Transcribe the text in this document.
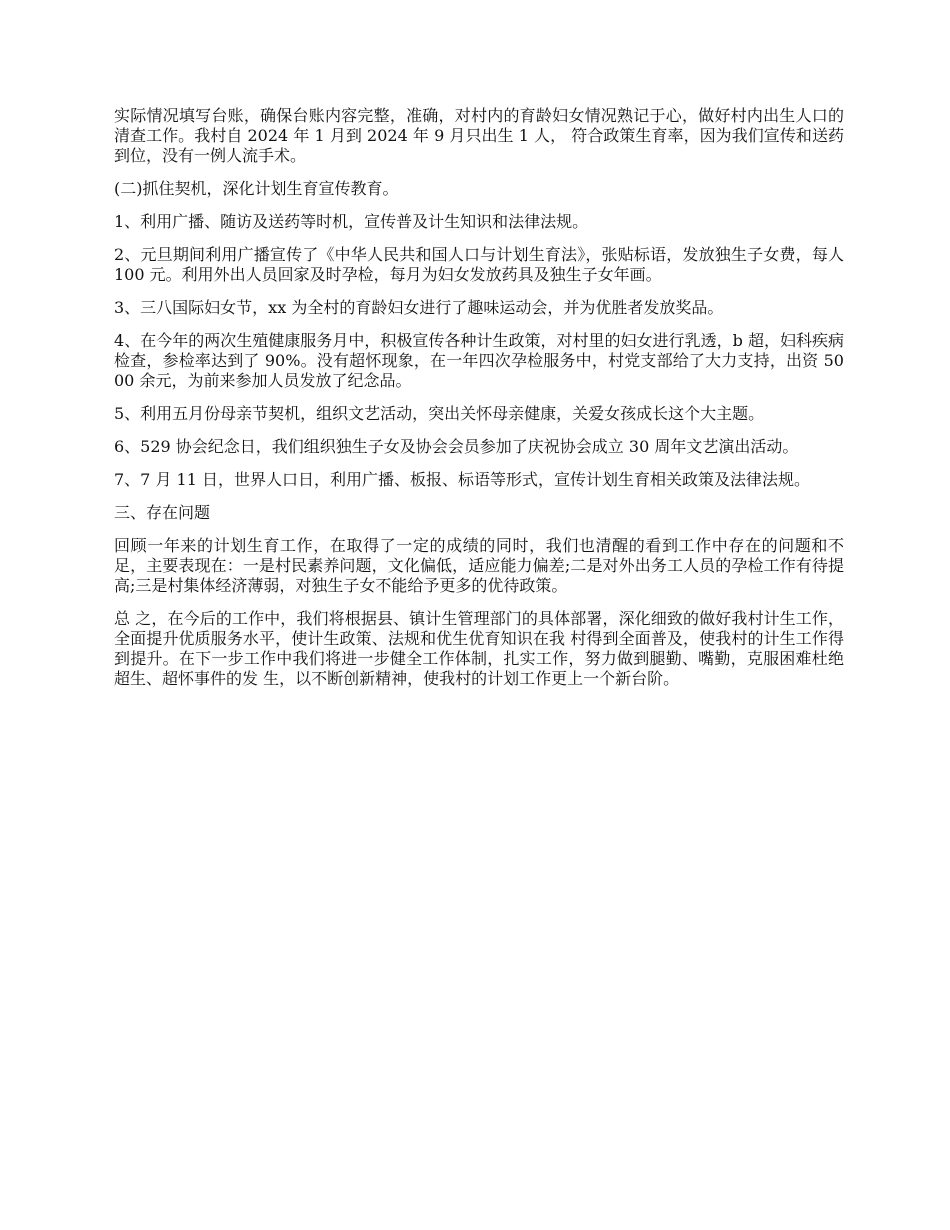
实际情况填写台账，确保台账内容完整，准确，对村内的育龄妇女情况熟记于心，做好村内出生人口的清查工作。我村自 2024 年 1 月到 2024 年 9 月只出生 1 人， 符合政策生育率，因为我们宣传和送药到位，没有一例人流手术。

(二)抓住契机，深化计划生育宣传教育。

1、利用广播、随访及送药等时机，宣传普及计生知识和法律法规。

2、元旦期间利用广播宣传了《中华人民共和国人口与计划生育法》，张贴标语，发放独生子女费，每人 100 元。利用外出人员回家及时孕检，每月为妇女发放药具及独生子女年画。

3、三八国际妇女节，xx 为全村的育龄妇女进行了趣味运动会，并为优胜者发放奖品。

4、在今年的两次生殖健康服务月中，积极宣传各种计生政策，对村里的妇女进行乳透，b 超，妇科疾病检查，参检率达到了 90%。没有超怀现象，在一年四次孕检服务中，村党支部给了大力支持，出资 5000 余元，为前来参加人员发放了纪念品。

5、利用五月份母亲节契机，组织文艺活动，突出关怀母亲健康，关爱女孩成长这个大主题。

6、529 协会纪念日，我们组织独生子女及协会会员参加了庆祝协会成立 30 周年文艺演出活动。

7、7 月 11 日，世界人口日，利用广播、板报、标语等形式，宣传计划生育相关政策及法律法规。

三、存在问题

回顾一年来的计划生育工作，在取得了一定的成绩的同时，我们也清醒的看到工作中存在的问题和不足，主要表现在：一是村民素养问题，文化偏低，适应能力偏差;二是对外出务工人员的孕检工作有待提高;三是村集体经济薄弱，对独生子女不能给予更多的优待政策。

总 之，在今后的工作中，我们将根据县、镇计生管理部门的具体部署，深化细致的做好我村计生工作，全面提升优质服务水平，使计生政策、法规和优生优育知识在我 村得到全面普及，使我村的计生工作得到提升。在下一步工作中我们将进一步健全工作体制，扎实工作，努力做到腿勤、嘴勤，克服困难杜绝超生、超怀事件的发 生，以不断创新精神，使我村的计划工作更上一个新台阶。
